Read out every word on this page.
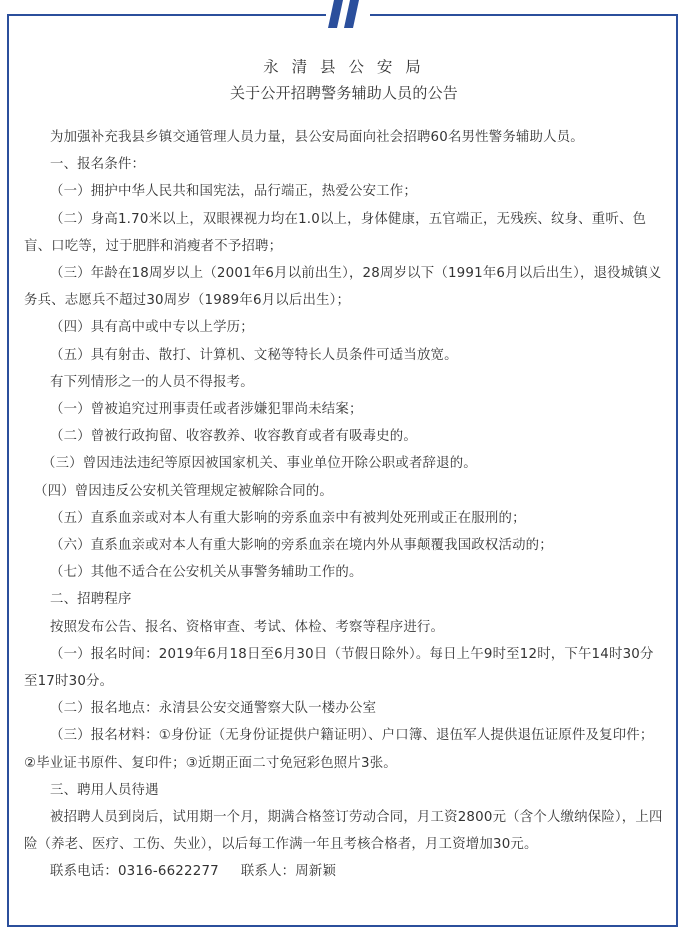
永 清 县 公 安 局

关于公开招聘警务辅助人员的公告

为加强补充我县乡镇交通管理人员力量，县公安局面向社会招聘60名男性警务辅助人员。

一、报名条件：

（一）拥护中华人民共和国宪法，品行端正，热爱公安工作；

（二）身高1.70米以上，双眼裸视力均在1.0以上，身体健康，五官端正，无残疾、纹身、重听、色盲、口吃等，过于肥胖和消瘦者不予招聘；

（三）年龄在18周岁以上（2001年6月以前出生），28周岁以下（1991年6月以后出生），退役城镇义务兵、志愿兵不超过30周岁（1989年6月以后出生）；

（四）具有高中或中专以上学历；

（五）具有射击、散打、计算机、文秘等特长人员条件可适当放宽。

有下列情形之一的人员不得报考。

（一）曾被追究过刑事责任或者涉嫌犯罪尚未结案；

（二）曾被行政拘留、收容教养、收容教育或者有吸毒史的。

（三）曾因违法违纪等原因被国家机关、事业单位开除公职或者辞退的。

（四）曾因违反公安机关管理规定被解除合同的。

（五）直系血亲或对本人有重大影响的旁系血亲中有被判处死刑或正在服刑的；

（六）直系血亲或对本人有重大影响的旁系血亲在境内外从事颠覆我国政权活动的；

（七）其他不适合在公安机关从事警务辅助工作的。

二、招聘程序

按照发布公告、报名、资格审查、考试、体检、考察等程序进行。

（一）报名时间：2019年6月18日至6月30日（节假日除外）。每日上午9时至12时，下午14时30分至17时30分。

（二）报名地点：永清县公安交通警察大队一楼办公室

（三）报名材料：①身份证（无身份证提供户籍证明）、户口簿、退伍军人提供退伍证原件及复印件；②毕业证书原件、复印件；③近期正面二寸免冠彩色照片3张。

三、聘用人员待遇

被招聘人员到岗后，试用期一个月，期满合格签订劳动合同，月工资2800元（含个人缴纳保险），上四险（养老、医疗、工伤、失业），以后每工作满一年且考核合格者，月工资增加30元。

联系电话：0316-6622277 联系人：周新颖
